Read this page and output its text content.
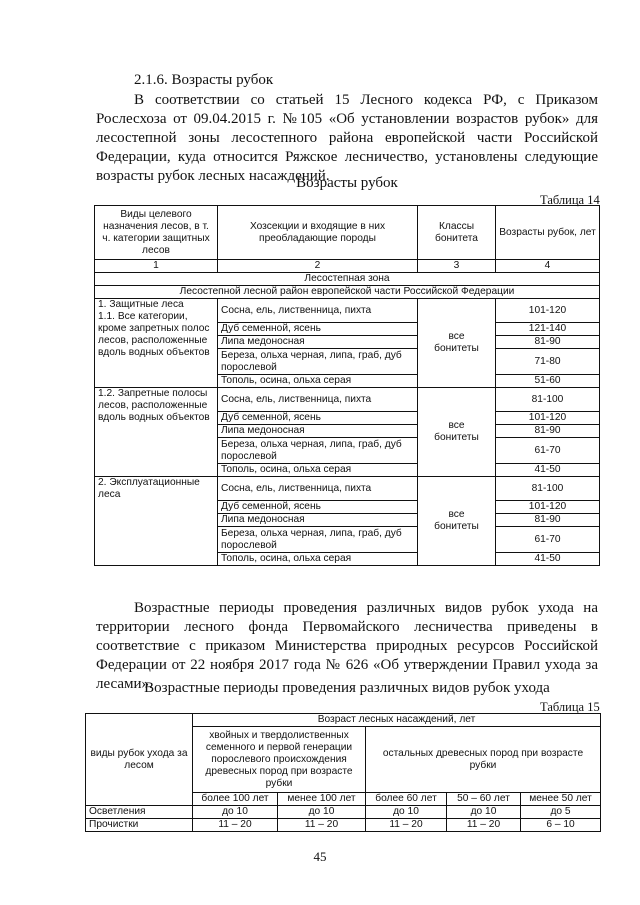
2.1.6. Возрасты рубок
В соответствии со статьей 15 Лесного кодекса РФ, с Приказом Рослесхоза от 09.04.2015 г. №105 «Об установлении возрастов рубок» для лесостепной зоны лесостепного района европейской части Российской Федерации, куда относится Ряжское лесничество, установлены следующие возрасты рубок лесных насаждений.
Возрасты рубок
Таблица 14
Виды целевого назначения лесов, в т. ч. категории защитных лесов	Хозсекции и входящие в них преобладающие породы	Классы бонитета	Возрасты рубок, лет
1	2	3	4
Лесостепная зона			
Лесостепной лесной район европейской части Российской Федерации			
1. Защитные леса
1.1. Все категории, кроме запретных полос лесов, расположенные вдоль водных объектов	Сосна, ель, лиственница, пихта	все бонитеты	101-120
	Дуб семенной, ясень		121-140
	Липа медоносная		81-90
	Береза, ольха черная, липа, граб, дуб порослевой		71-80
	Тополь, осина, ольха серая		51-60
1.2. Запретные полосы лесов, расположенные вдоль водных объектов	Сосна, ель, лиственница, пихта	все бонитеты	81-100
	Дуб семенной, ясень		101-120
	Липа медоносная		81-90
	Береза, ольха черная, липа, граб, дуб порослевой		61-70
	Тополь, осина, ольха серая		41-50
2. Эксплуатационные леса	Сосна, ель, лиственница, пихта	все бонитеты	81-100
	Дуб семенной, ясень		101-120
	Липа медоносная		81-90
	Береза, ольха черная, липа, граб, дуб порослевой		61-70
	Тополь, осина, ольха серая		41-50
Возрастные периоды проведения различных видов рубок ухода на территории лесного фонда Первомайского лесничества приведены в соответствие с приказом Министерства природных ресурсов Российской Федерации от 22 ноября 2017 года № 626 «Об утверждении Правил ухода за лесами».
Возрастные периоды проведения различных видов рубок ухода
Таблица 15
виды рубок ухода за лесом	Возраст лесных насаждений, лет				
	хвойных и твердолиственных семенного и первой генерации порослевого происхождения древесных пород при возрасте рубки		остальных древесных пород при возрасте рубки		
	более 100 лет	менее 100 лет	более 60 лет	50 – 60 лет	менее 50 лет
Осветления	до 10	до 10	до 10	до 10	до 5
Прочистки	11 – 20	11 – 20	11 – 20	11 – 20	6 – 10
45
